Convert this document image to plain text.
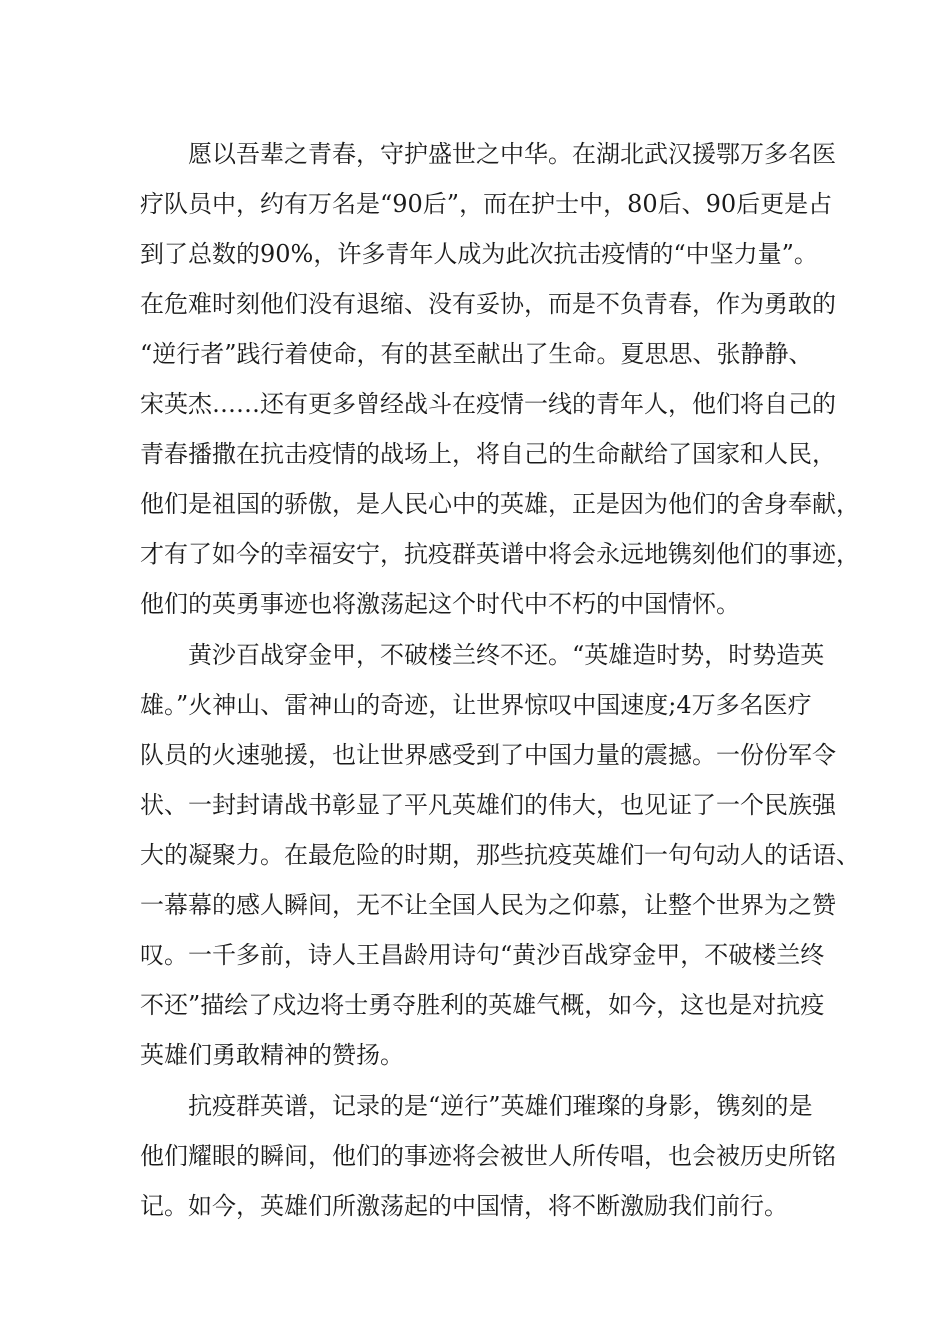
愿以吾辈之青春，守护盛世之中华。在湖北武汉援鄂万多名医
疗队员中，约有万名是“90后”，而在护士中，80后、90后更是占
到了总数的90%，许多青年人成为此次抗击疫情的“中坚力量”。
在危难时刻他们没有退缩、没有妥协，而是不负青春，作为勇敢的
“逆行者”践行着使命，有的甚至献出了生命。夏思思、张静静、
宋英杰……还有更多曾经战斗在疫情一线的青年人，他们将自己的
青春播撒在抗击疫情的战场上，将自己的生命献给了国家和人民，
他们是祖国的骄傲，是人民心中的英雄，正是因为他们的舍身奉献，
才有了如今的幸福安宁，抗疫群英谱中将会永远地镌刻他们的事迹，
他们的英勇事迹也将激荡起这个时代中不朽的中国情怀。
黄沙百战穿金甲，不破楼兰终不还。“英雄造时势，时势造英
雄。”火神山、雷神山的奇迹，让世界惊叹中国速度;4万多名医疗
队员的火速驰援，也让世界感受到了中国力量的震撼。一份份军令
状、一封封请战书彰显了平凡英雄们的伟大，也见证了一个民族强
大的凝聚力。在最危险的时期，那些抗疫英雄们一句句动人的话语、
一幕幕的感人瞬间，无不让全国人民为之仰慕，让整个世界为之赞
叹。一千多前，诗人王昌龄用诗句“黄沙百战穿金甲，不破楼兰终
不还”描绘了戍边将士勇夺胜利的英雄气概，如今，这也是对抗疫
英雄们勇敢精神的赞扬。
抗疫群英谱，记录的是“逆行”英雄们璀璨的身影，镌刻的是
他们耀眼的瞬间，他们的事迹将会被世人所传唱，也会被历史所铭
记。如今，英雄们所激荡起的中国情，将不断激励我们前行。
